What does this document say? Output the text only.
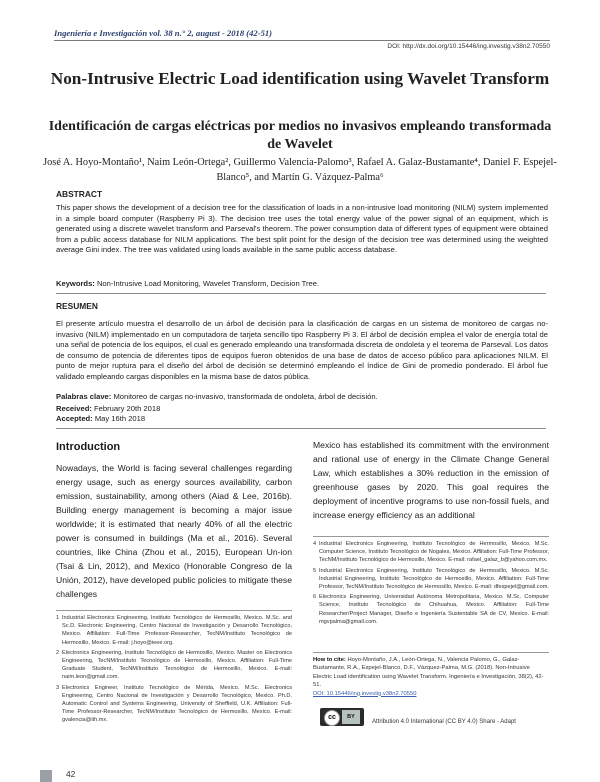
Ingeniería e Investigación vol. 38 n.° 2, august - 2018 (42-51)
DOI: http://dx.doi.org/10.15446/ing.investig.v38n2.70550
Non-Intrusive Electric Load identification using Wavelet Transform
Identificación de cargas eléctricas por medios no invasivos empleando transformada de Wavelet
José A. Hoyo-Montaño¹, Naim León-Ortega², Guillermo Valencia-Palomo³, Rafael A. Galaz-Bustamante⁴, Daniel F. Espejel-Blanco⁵, and Martín G. Vázquez-Palma⁶
ABSTRACT
This paper shows the development of a decision tree for the classification of loads in a non-intrusive load monitoring (NILM) system implemented in a simple board computer (Raspberry Pi 3). The decision tree uses the total energy value of the power signal of an equipment, which is generated using a discrete wavelet transform and Parseval's theorem. The power consumption data of different types of equipment were obtained from a public access database for NILM applications. The best split point for the design of the decision tree was determined using the weighted average Gini index. The tree was validated using loads available in the same public access database.
Keywords: Non-Intrusive Load Monitoring, Wavelet Transform, Decision Tree.
RESUMEN
El presente artículo muestra el desarrollo de un árbol de decisión para la clasificación de cargas en un sistema de monitoreo de cargas no-invasivo (NILM) implementado en un computadora de tarjeta sencillo tipo Raspberry Pi 3. El árbol de decisión emplea el valor de energía total de una señal de potencia de los equipos, el cual es generado empleando una transformada discreta de ondoleta y el teorema de Parseval. Los datos de consumo de potencia de diferentes tipos de equipos fueron obtenidos de una base de datos de acceso público para aplicaciones NILM. El punto de mejor ruptura para el diseño del árbol de decisión se determinó empleando el índice de Gini de promedio ponderado. El árbol fue validado empleando cargas disponibles en la misma base de datos pública.
Palabras clave: Monitoreo de cargas no-invasivo, transformada de ondoleta, árbol de decisión.
Received: February 20th 2018
Accepted: May 16th 2018
Introduction
Nowadays, the World is facing several challenges regarding energy usage, such as energy sources availability, carbon emission, sustainability, among others (Aiad & Lee, 2016b). Building energy management is becoming a major issue worldwide; it is estimated that nearly 40% of all the electric power is consumed in buildings (Ma et al., 2016). Several countries, like China (Zhou et al., 2015), European Un-ion (Tsai & Lin, 2012), and Mexico (Honorable Congreso de la Unión, 2012), have developed public policies to mitigate these challenges
Mexico has established its commitment with the environment and rational use of energy in the Climate Change General Law, which establishes a 30% reduction in the emission of greenhouse gases by 2020. This goal requires the deployment of incentive programs to use non-fossil fuels, and increase energy efficiency as an additional
1 Industrial Electronics Engineering, Instituto Tecnológico de Hermosillo, Mexico. M.Sc. and Sc.D. Electronic Engineering, Centro Nacional de Investigación y Desarrollo Tecnológico, Mexico. Affiliation: Full-Time Professor-Researcher, TecNM/Instituto Tecnológico de Hermosillo, Mexico. E-mail: j.hoyo@ieee.org.
2 Electronics Engineering, Instituto Tecnológico de Hermosillo, Mexico. Master on Electronics Engineering, TecNM/Instituto Tecnológico de Hermosillo, Mexico. Affiliation: Full-Time Graduate Student, TecNM/Instituto Tecnológico de Hermosillo, Mexico. E-mail: naim.leon@gmail.com.
3 Electronics Engineer, Instituto Tecnológico de Mérida, Mexico. M.Sc. Electronics Engineering, Centro Nacional de Investigación y Desarrollo Tecnológico, Mexico. Ph.D. Automatic Control and Systems Engineering, University of Sheffield, U.K. Affiliation: Full-Time Professor-Researcher, TecNM/Instituto Tecnológico de Hermosillo, Mexico. E-mail: gvalencia@ith.mx.
4 Industrial Electronics Engineering, Instituto Tecnológico de Hermosillo, Mexico. M.Sc. Computer Science, Instituto Tecnológico de Nogales, Mexico. Affiliation: Full-Time Professor, TecNM/Instituto Tecnológico de Hermosillo, Mexico. E-mail: rafael_galaz_b@yahoo.com.mx.
5 Industrial Electronics Engineering, Instituto Tecnológico de Hermosillo, Mexico. M.Sc. Industrial Engineering, Instituto Tecnológico de Hermosillo, Mexico. Affiliation: Full-Time Professor, TecNM/Instituto Tecnológico de Hermosillo, Mexico. E-mail: dfespejel@gmail.com.
6 Electronics Engineering, Universidad Autónoma Metropolitana, Mexico. M.Sc. Computer Science, Instituto Tecnológico de Chihuahua, Mexico. Affiliation: Full-Time Researcher/Project Manager, Diseño e Ingeniería Sustentable SA de CV, Mexico. E-mail: mgvpalma@gmail.com.
How to cite: Hoyo-Montaño, J.A., León-Ortega, N., Valencia Palomo, G., Galaz-Bustamante, R.A., Espejel-Blanco, D.F., Vázquez-Palma, M.G. (2018). Non-Intrusive Electric Load identification using Wavelet Transform. Ingeniería e Investigación, 38(2), 42-51.
DOI: 10.15446/ing.investig.v38n2.70550
cc	BY
Attribution 4.0 International (CC BY 4.0) Share - Adapt
42
